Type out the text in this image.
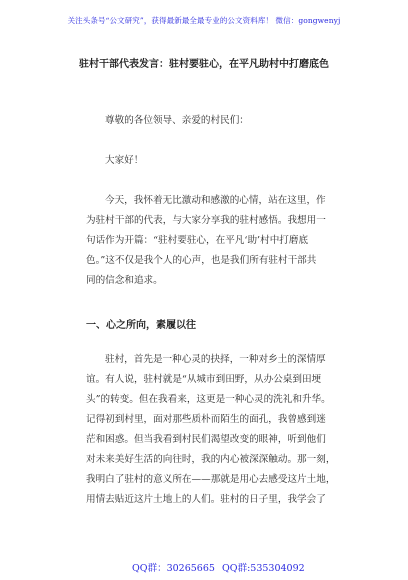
关注头条号“公文研究”，获得最新最全最专业的公文资料库！ 微信：gongwenyj
驻村干部代表发言：驻村要驻心，在平凡助村中打磨底色
尊敬的各位领导、亲爱的村民们：
大家好！
今天，我怀着无比激动和感激的心情，站在这里，作
为驻村干部的代表，与大家分享我的驻村感悟。我想用一
句话作为开篇：“驻村要驻心，在平凡‘助’村中打磨底
色。”这不仅是我个人的心声，也是我们所有驻村干部共
同的信念和追求。
一、心之所向，素履以往
驻村，首先是一种心灵的抉择，一种对乡土的深情厚
谊。有人说，驻村就是“从城市到田野，从办公桌到田埂
头”的转变。但在我看来，这更是一种心灵的洗礼和升华。
记得初到村里，面对那些质朴而陌生的面孔，我曾感到迷
茫和困惑。但当我看到村民们渴望改变的眼神，听到他们
对未来美好生活的向往时，我的内心被深深触动。那一刻，
我明白了驻村的意义所在——那就是用心去感受这片土地，
用情去贴近这片土地上的人们。驻村的日子里，我学会了
QQ群：30265665 QQ群:535304092
